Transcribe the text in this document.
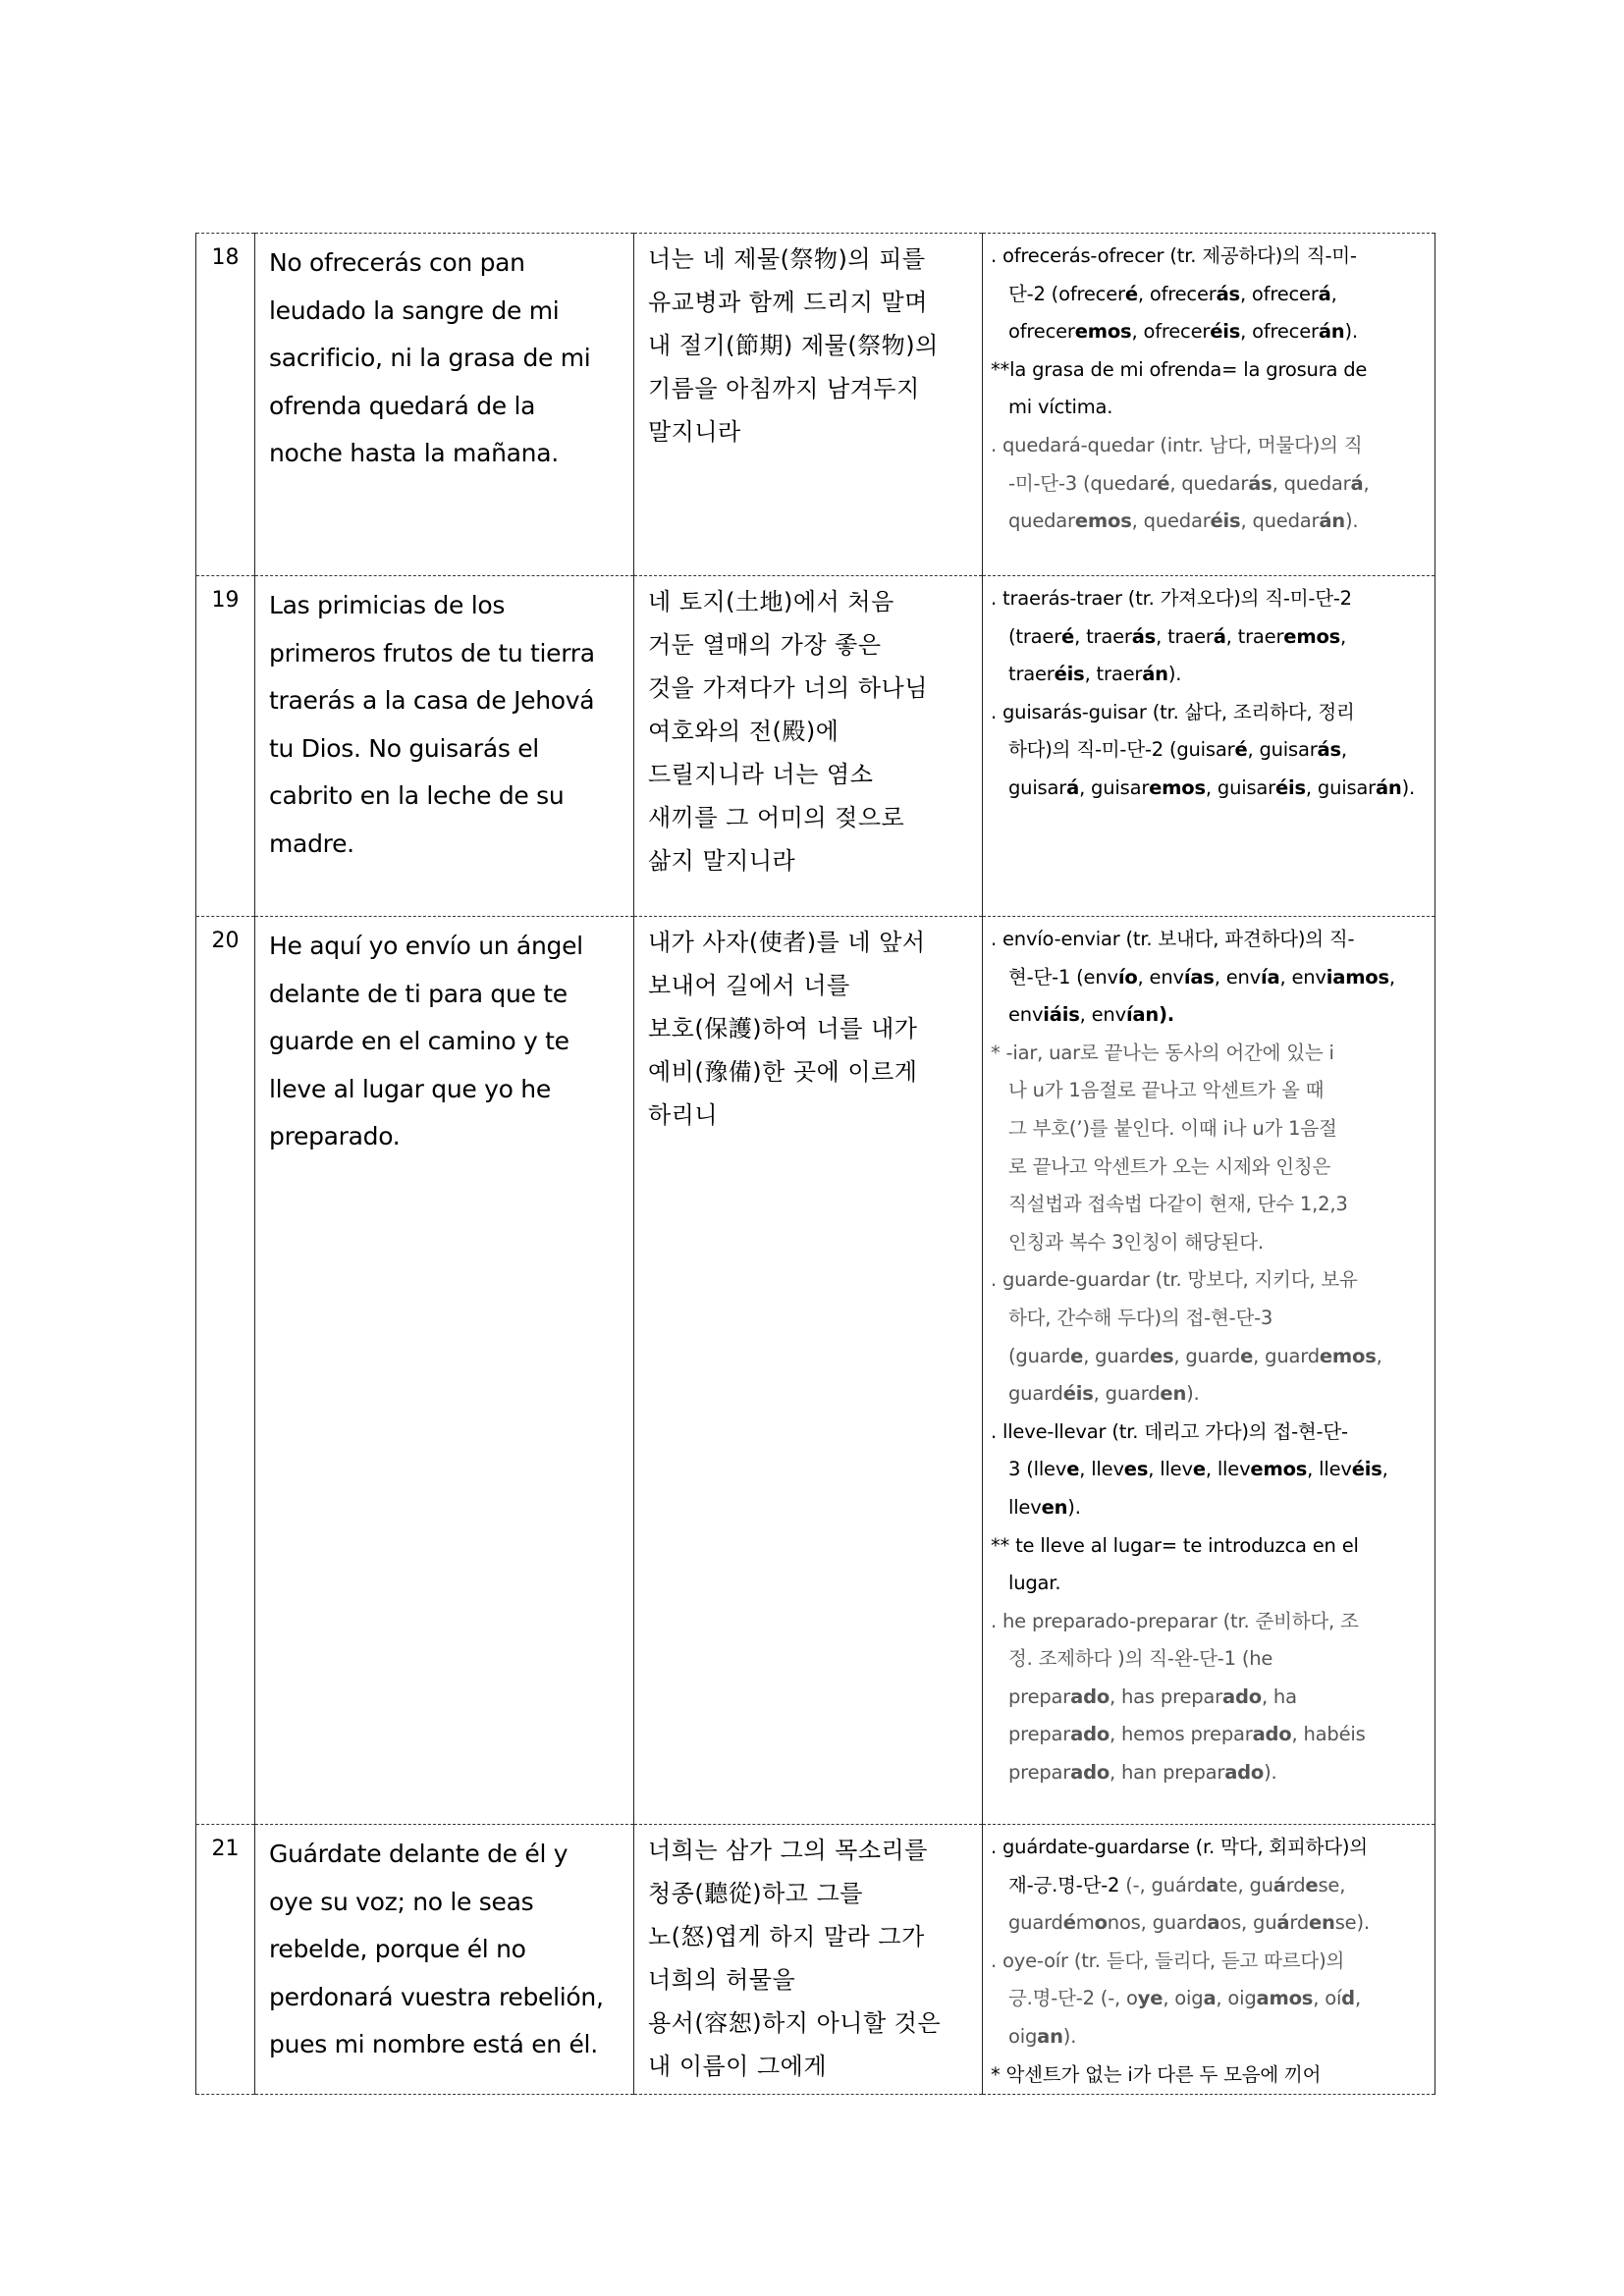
18	No ofrecerás con pan
leudado la sangre de mi
sacrificio, ni la grasa de mi
ofrenda quedará de la
noche hasta la mañana.

너는 네 제물(祭物)의 피를
유교병과 함께 드리지 말며
내 절기(節期) 제물(祭物)의
기름을 아침까지 남겨두지
말지니라

. ofrecerás-ofrecer (tr. 제공하다)의 직-미-
단-2 (ofreceré, ofrecerás, ofrecerá,
ofreceremos, ofreceréis, ofrecerán).
**la grasa de mi ofrenda= la grosura de
mi víctima.
. quedará-quedar (intr. 남다, 머물다)의 직
-미-단-3 (quedaré, quedarás, quedará,
quedaremos, quedaréis, quedarán).

19	Las primicias de los
primeros frutos de tu tierra
traerás a la casa de Jehová
tu Dios. No guisarás el
cabrito en la leche de su
madre.

네 토지(土地)에서 처음
거둔 열매의 가장 좋은
것을 가져다가 너의 하나님
여호와의 전(殿)에
드릴지니라 너는 염소
새끼를 그 어미의 젖으로
삶지 말지니라

. traerás-traer (tr. 가져오다)의 직-미-단-2
(traeré, traerás, traerá, traeremos,
traeréis, traerán).
. guisarás-guisar (tr. 삶다, 조리하다, 정리
하다)의 직-미-단-2 (guisaré, guisarás,
guisará, guisaremos, guisaréis, guisarán).

20	He aquí yo envío un ángel
delante de ti para que te
guarde en el camino y te
lleve al lugar que yo he
preparado.

내가 사자(使者)를 네 앞서
보내어 길에서 너를
보호(保護)하여 너를 내가
예비(豫備)한 곳에 이르게
하리니

. envío-enviar (tr. 보내다, 파견하다)의 직-
현-단-1 (envío, envías, envía, enviamos,
enviáis, envían).
* -iar, uar로 끝나는 동사의 어간에 있는 i
나 u가 1음절로 끝나고 악센트가 올 때
그 부호(’)를 붙인다. 이때 i나 u가 1음절
로 끝나고 악센트가 오는 시제와 인칭은
직설법과 접속법 다같이 현재, 단수 1,2,3
인칭과 복수 3인칭이 해당된다.
. guarde-guardar (tr. 망보다, 지키다, 보유
하다, 간수해 두다)의 접-현-단-3
(guarde, guardes, guarde, guardemos,
guardéis, guarden).
. lleve-llevar (tr. 데리고 가다)의 접-현-단-
3 (lleve, lleves, lleve, llevemos, llevéis,
lleven).
** te lleve al lugar= te introduzca en el
lugar.
. he preparado-preparar (tr. 준비하다, 조
정. 조제하다 )의 직-완-단-1 (he
preparado, has preparado, ha
preparado, hemos preparado, habéis
preparado, han preparado).

21	Guárdate delante de él y
oye su voz; no le seas
rebelde, porque él no
perdonará vuestra rebelión,
pues mi nombre está en él.

너희는 삼가 그의 목소리를
청종(聽從)하고 그를
노(怒)엽게 하지 말라 그가
너희의 허물을
용서(容恕)하지 아니할 것은
내 이름이 그에게

. guárdate-guardarse (r. 막다, 회피하다)의
재-긍.명-단-2 (-, guárdate, guárdese,
guardémonos, guardaos, guárdense).
. oye-oír (tr. 듣다, 들리다, 듣고 따르다)의
긍.명-단-2 (-, oye, oiga, oigamos, oíd,
oigan).
* 악센트가 없는 i가 다른 두 모음에 끼어
